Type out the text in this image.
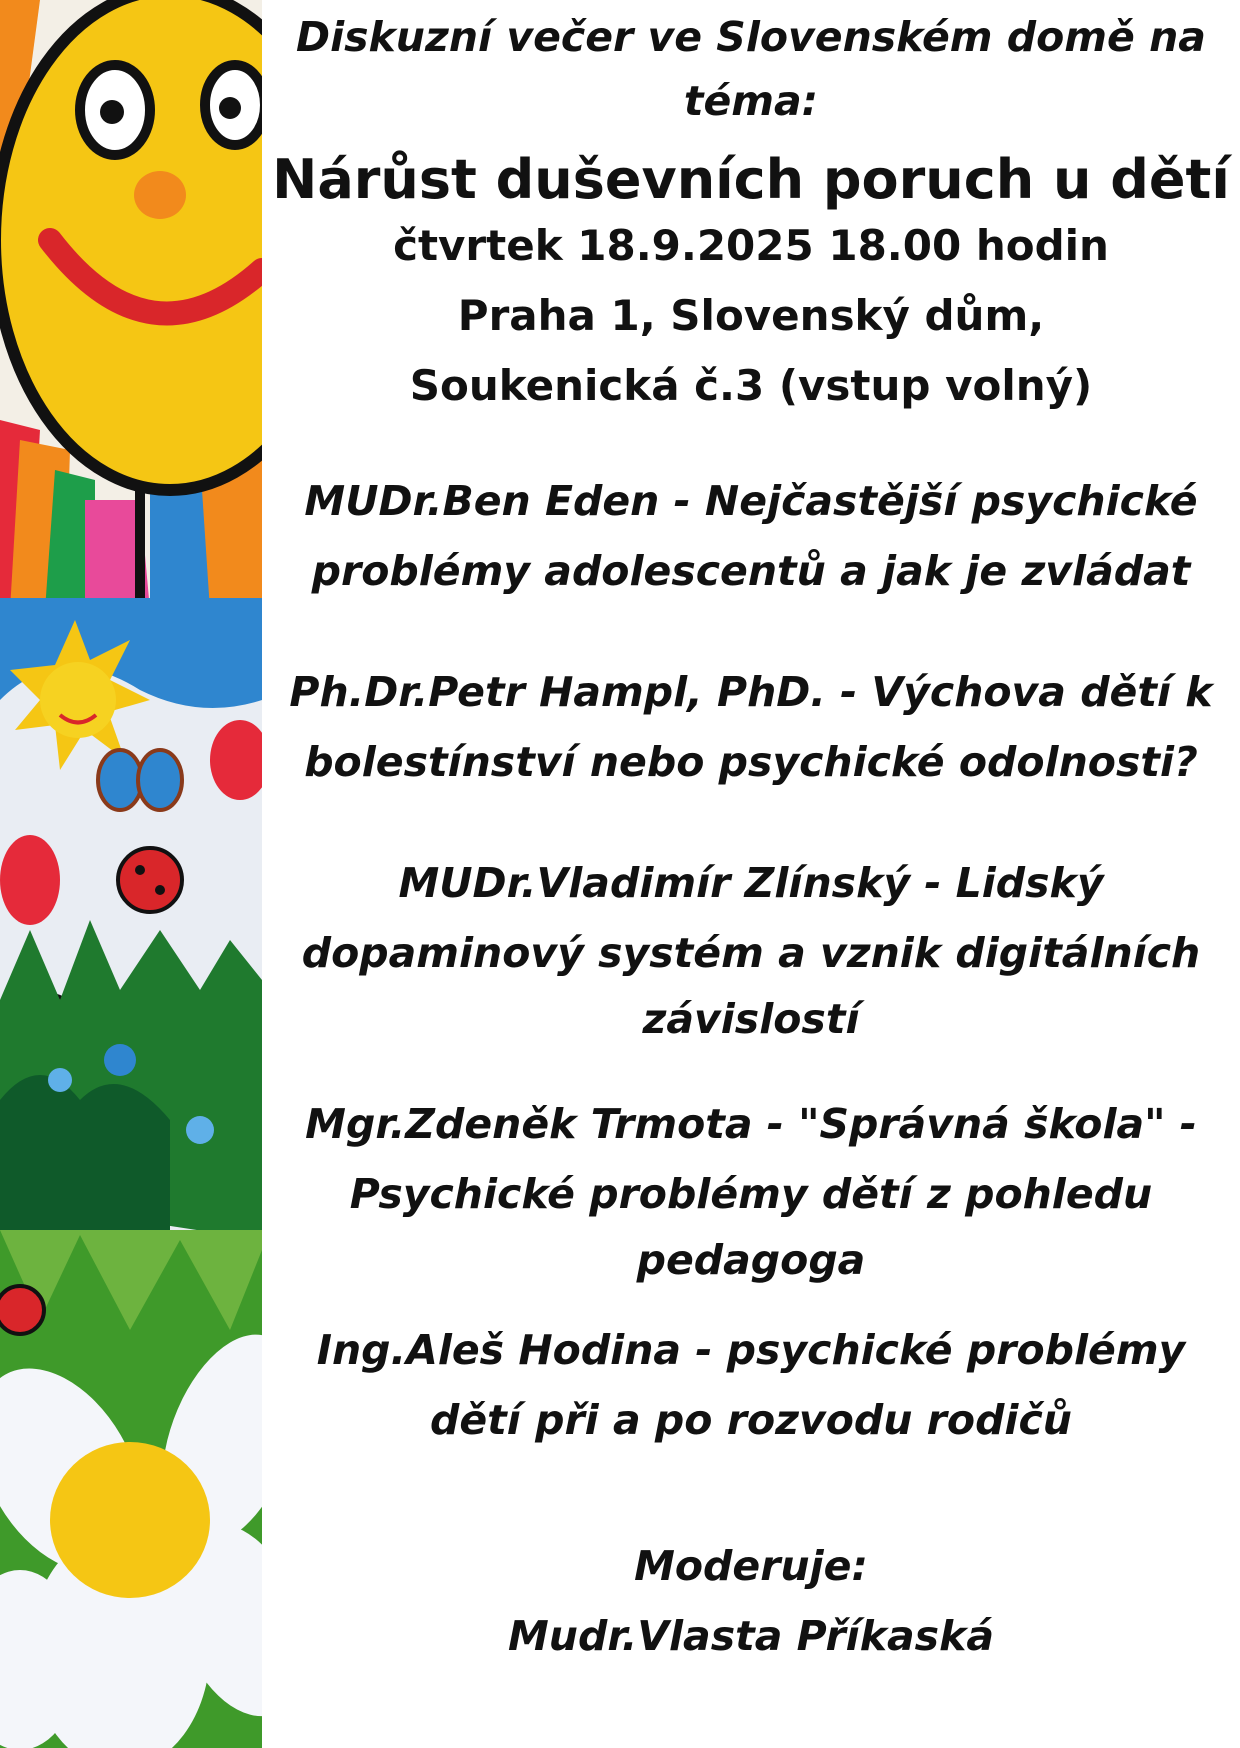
Diskuzní večer ve Slovenském domě na
téma:
Nárůst duševních poruch u dětí
čtvrtek 18.9.2025 18.00 hodin
Praha 1, Slovenský dům,
Soukenická č.3 (vstup volný)
MUDr.Ben Eden - Nejčastější psychické
problémy adolescentů a jak je zvládat
Ph.Dr.Petr Hampl, PhD. - Výchova dětí k
bolestínství nebo psychické odolnosti?
MUDr.Vladimír Zlínský - Lidský
dopaminový systém a vznik digitálních
závislostí
Mgr.Zdeněk Trmota - "Správná škola" -
Psychické problémy dětí z pohledu
pedagoga
Ing.Aleš Hodina - psychické problémy
dětí při a po rozvodu rodičů
Moderuje:
Mudr.Vlasta Příkaská
